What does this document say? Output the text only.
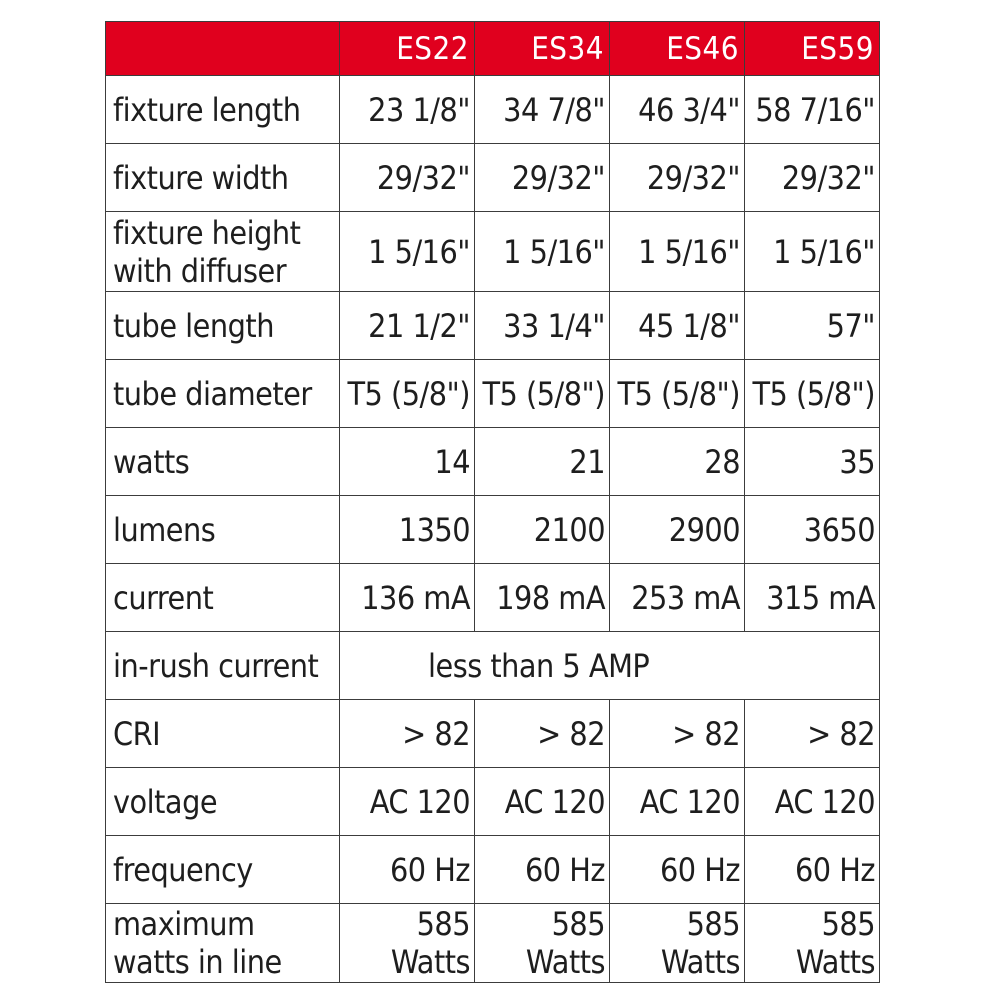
	ES22	ES34	ES46	ES59
fixture length	23 1/8"	34 7/8"	46 3/4"	58 7/16"
fixture width	29/32"	29/32"	29/32"	29/32"
fixture height with diffuser	1 5/16"	1 5/16"	1 5/16"	1 5/16"
tube length	21 1/2"	33 1/4"	45 1/8"	57"
tube diameter	T5 (5/8")	T5 (5/8")	T5 (5/8")	T5 (5/8")
watts	14	21	28	35
lumens	1350	2100	2900	3650
current	136 mA	198 mA	253 mA	315 mA
in-rush current	less than 5 AMP			
CRI	> 82	> 82	> 82	> 82
voltage	AC 120	AC 120	AC 120	AC 120
frequency	60 Hz	60 Hz	60 Hz	60 Hz
maximum watts in line	585 Watts	585 Watts	585 Watts	585 Watts
